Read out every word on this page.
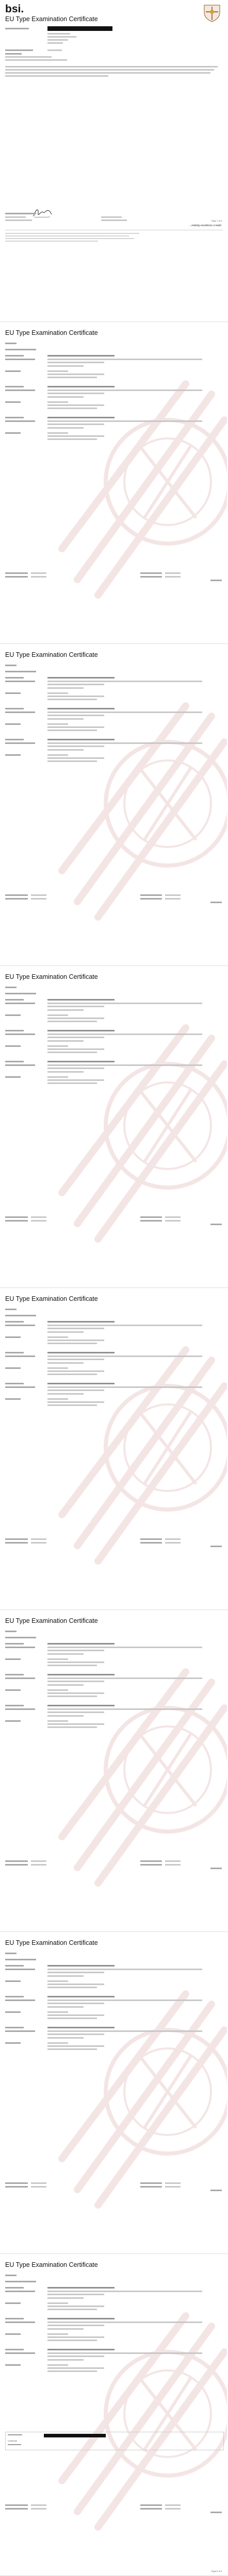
bsi.
EU Type Examination Certificate
Page 1 of 8
...making excellence a habit.
EU Type Examination Certificate
EU Type Examination Certificate
EU Type Examination Certificate
EU Type Examination Certificate
EU Type Examination Certificate
EU Type Examination Certificate
EU Type Examination Certificate
Certificate
Page 8 of 8
